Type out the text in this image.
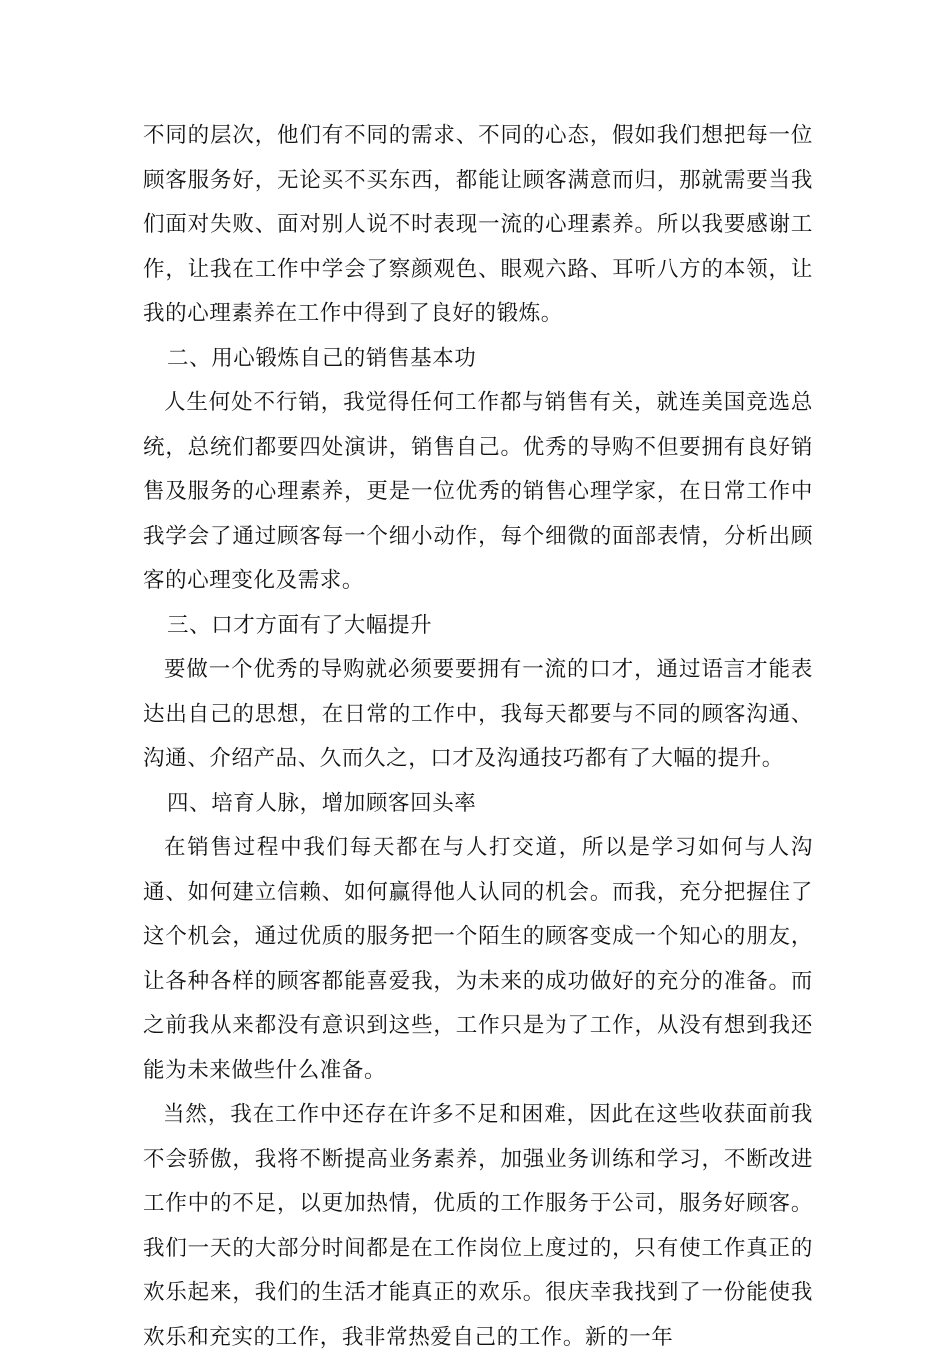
不同的层次，他们有不同的需求、不同的心态，假如我们想把每一位顾客服务好，无论买不买东西，都能让顾客满意而归，那就需要当我们面对失败、面对别人说不时表现一流的心理素养。所以我要感谢工作，让我在工作中学会了察颜观色、眼观六路、耳听八方的本领，让我的心理素养在工作中得到了良好的锻炼。

二、用心锻炼自己的销售基本功

人生何处不行销，我觉得任何工作都与销售有关，就连美国竞选总统，总统们都要四处演讲，销售自己。优秀的导购不但要拥有良好销售及服务的心理素养，更是一位优秀的销售心理学家，在日常工作中我学会了通过顾客每一个细小动作，每个细微的面部表情，分析出顾客的心理变化及需求。

三、口才方面有了大幅提升

要做一个优秀的导购就必须要要拥有一流的口才，通过语言才能表达出自己的思想，在日常的工作中，我每天都要与不同的顾客沟通、沟通、介绍产品、久而久之，口才及沟通技巧都有了大幅的提升。

四、培育人脉，增加顾客回头率

在销售过程中我们每天都在与人打交道，所以是学习如何与人沟通、如何建立信赖、如何赢得他人认同的机会。而我，充分把握住了这个机会，通过优质的服务把一个陌生的顾客变成一个知心的朋友，让各种各样的顾客都能喜爱我，为未来的成功做好的充分的准备。而之前我从来都没有意识到这些，工作只是为了工作，从没有想到我还能为未来做些什么准备。

当然，我在工作中还存在许多不足和困难，因此在这些收获面前我不会骄傲，我将不断提高业务素养，加强业务训练和学习，不断改进工作中的不足，以更加热情，优质的工作服务于公司，服务好顾客。我们一天的大部分时间都是在工作岗位上度过的，只有使工作真正的欢乐起来，我们的生活才能真正的欢乐。很庆幸我找到了一份能使我欢乐和充实的工作，我非常热爱自己的工作。新的一年
